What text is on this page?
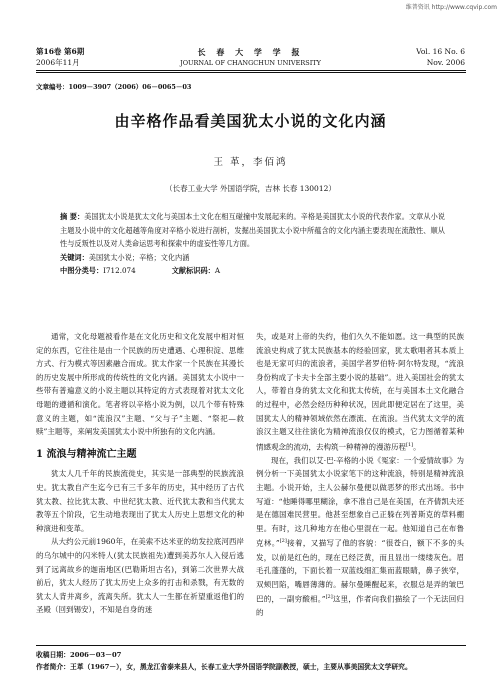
维普资讯 http://www.cqvip.com
第16卷 第6期
2006年11月
长 春 大 学 学 报
JOURNAL OF CHANGCHUN UNIVERSITY
Vol. 16 No. 6
Nov. 2006
文章编号：1009－3907（2006）06－0065－03
由辛格作品看美国犹太小说的文化内涵
王 革，李佰鸿
（长春工业大学 外国语学院，吉林 长春 130012）
摘 要：美国犹太小说是犹太文化与美国本土文化在相互碰撞中发展起来的。辛格是美国犹太小说的代表作家。文章从小说主题及小说中的文化超越等角度对辛格小说进行剖析，发掘出美国犹太小说中所蕴含的文化内涵主要表现在流散性、顺从性与反叛性以及对人类命运思考和探索中的虚妄性等几方面。
关键词：美国犹太小说；辛格；文化内涵
中图分类号：I712.074	文献标识码：A

通常，文化母题被看作是在文化历史和文化发展中相对恒定的东西，它往往是由一个民族的历史遭遇、心理积淀、思维方式、行为模式等因素融合而成。犹太作家一个民族在其漫长的历史发展中所形成的传统性的文化内涵。美国犹太小说中一些带有普遍意义的小说主题以其特定的方式表现着对犹太文化母题的遵循和演化。笔者将以辛格小说为例，以几个带有特殊意义的主题，如“流浪汉”主题、“父与子”主题、“祭祀—救赎”主题等，来阐发美国犹太小说中所独有的文化内涵。

1 流浪与精神流亡主题

犹太人几千年的民族流徙史，其实是一部典型的民族流浪史。犹太教自产生迄今已有三千多年的历史，其中经历了古代犹太教、拉比犹太教、中世纪犹太教、近代犹太教和当代犹太教等五个阶段，它生动地表现出了犹太人历史上思想文化的种种演进和变革。

从大约公元前1960年，在美索不达米亚的幼发拉底河西岸的乌尔城中的闪米特人(犹太民族祖先)遭到美苏尔人入侵后逃到了远离故乡的迦南地区(巴勒斯坦古名)，到第二次世界大战前后，犹太人经历了犹太历史上众多的打击和杀戮，有无数的犹太人背井离乡，流离失所。犹太人一生都在祈望重返他们的圣殿（回到锡安），不知是自身的迷

失，或是对上帝的失约，他们久久不能如愿。这一典型的民族流浪史构成了犹太民族基本的经验回家，犹太歌唱者其本质上也是无家可归的流浪者，美国学者罗伯特·阿尔特发现，“流浪身份构成了卡夫卡全部主要小说的基础”。进入美国社会的犹太人，带着自身的犹太文化和犹太传统，在与美国本土文化融合的过程中，必然会经历种种状况，因此即便定居在了这里，美国犹太人的精神领域依然在漂流、在流浪。当代犹太文学的流浪汉主题又往往演化为精神流浪仅仅的模式，它力图循着某种情感观念的流动，去构筑一种精神的漫游历程[1]。

现在，我们以艾·巴·辛格的小说《冤家：一个爱情故事》为例分析一下美国犹太小说家笔下的这种流浪，特别是精神流浪主题。小说开始，主人公赫尔曼便以做恶梦的形式出场。书中写道：“他睡得哪里糊涂，拿不准自己是在美国，在齐倩凯夫还是在德国难民营里。他甚至想象自己正躲在列普斯克的草料棚里。有时，这几种地方在他心里混在一起。他知道自己在布鲁克林。”[2]接着，又描写了他的容貌：“很苍白，额下不多的头发，以前是红色的，现在已经泛黄，而且显出一缕缕灰色。眉毛孔蓬蓬的，下面长着一双蓝线细汇集而蓝眼睛，鼻子狭窄，双颊凹陷，嘴唇薄薄的。赫尔曼睡醒起来，衣服总是弄的皱巴巴的，一副穷酸相。”[2]这里，作者向我们描绘了一个无法回归的

收稿日期：2006－03－07
作者简介：王革（1967－），女，黑龙江省泰来县人，长春工业大学外国语学院副教授，硕士，主要从事美国犹太文学研究。
